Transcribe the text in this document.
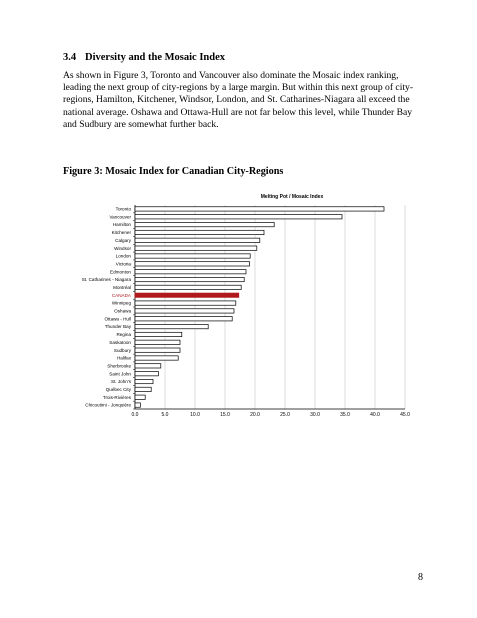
3.4 Diversity and the Mosaic Index

As shown in Figure 3, Toronto and Vancouver also dominate the Mosaic index ranking, leading the next group of city-regions by a large margin. But within this next group of city-regions, Hamilton, Kitchener, Windsor, London, and St. Catharines-Niagara all exceed the national average. Oshawa and Ottawa-Hull are not far below this level, while Thunder Bay and Sudbury are somewhat further back.

Figure 3: Mosaic Index for Canadian City-Regions
Melting Pot / Mosaic Index
0.0	5.0	10.0	15.0	20.0	25.0	30.0	35.0	40.0	45.0
Toronto
Vancouver
Hamilton
Kitchener
Calgary
Windsor
London
Victoria
Edmonton
St. Catharines - Niagara
Montréal
CANADA
Winnipeg
Oshawa
Ottawa - Hull
Thunder Bay
Regina
Saskatoon
Sudbury
Halifax
Sherbrooke
Saint John
St. John's
Québec City
Trois-Rivières
Chicoutimi - Jonquière
8
